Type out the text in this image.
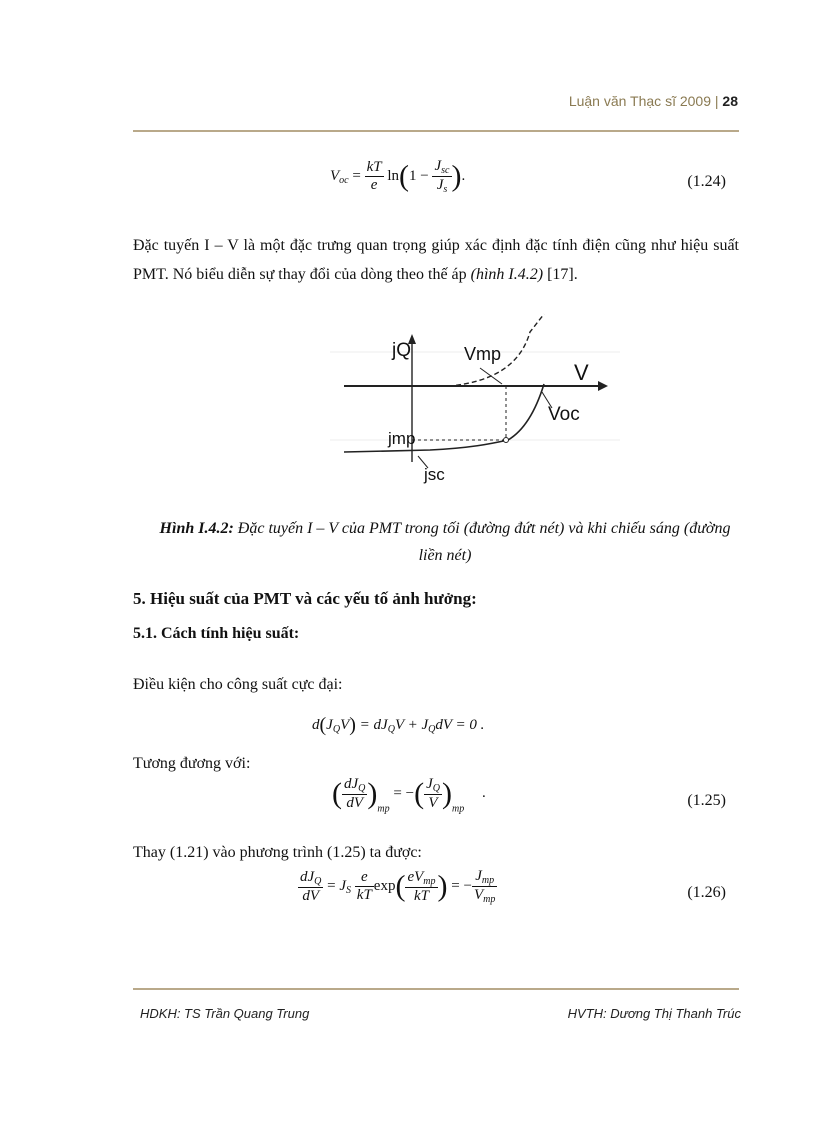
Luận văn Thạc sĩ 2009 | 28
$V_{oc} = \frac{kT}{e} \ln(1 - \frac{J_{sc}}{J_s}$ ).	(1.24)
Đặc tuyến I – V là một đặc trưng quan trọng giúp xác định đặc tính điện cũng như hiệu suất PMT. Nó biểu diễn sự thay đổi của dòng theo thế áp (hình I.4.2) [17].
jQ	Vmp
V
Voc
jmp
jsc
Hình I.4.2: Đặc tuyến I – V của PMT trong tối (đường đứt nét) và khi chiếu sáng (đường liền nét)
5. Hiệu suất của PMT và các yếu tố ảnh hưởng:
5.1. Cách tính hiệu suất:
Điều kiện cho công suất cực đại:
$d(J_QV) = dJ_QV + J_QdV = 0$ .
Tương đương với:
( $\frac{dJ_Q}{dV} )_{mp}$ = −( $\frac{J_Q}{V} )_{mp}$ .	(1.25)
Thay (1.21) vào phương trình (1.25) ta được:
$\frac{dJ_Q}{dV} = J_S \frac{e}{kT} \exp( \frac{eV_{mp}}{kT}$ ) = − $\frac{J_{mp}}{V_{mp}}$	(1.26)
HDKH: TS Trần Quang Trung	HVTH: Dương Thị Thanh Trúc
